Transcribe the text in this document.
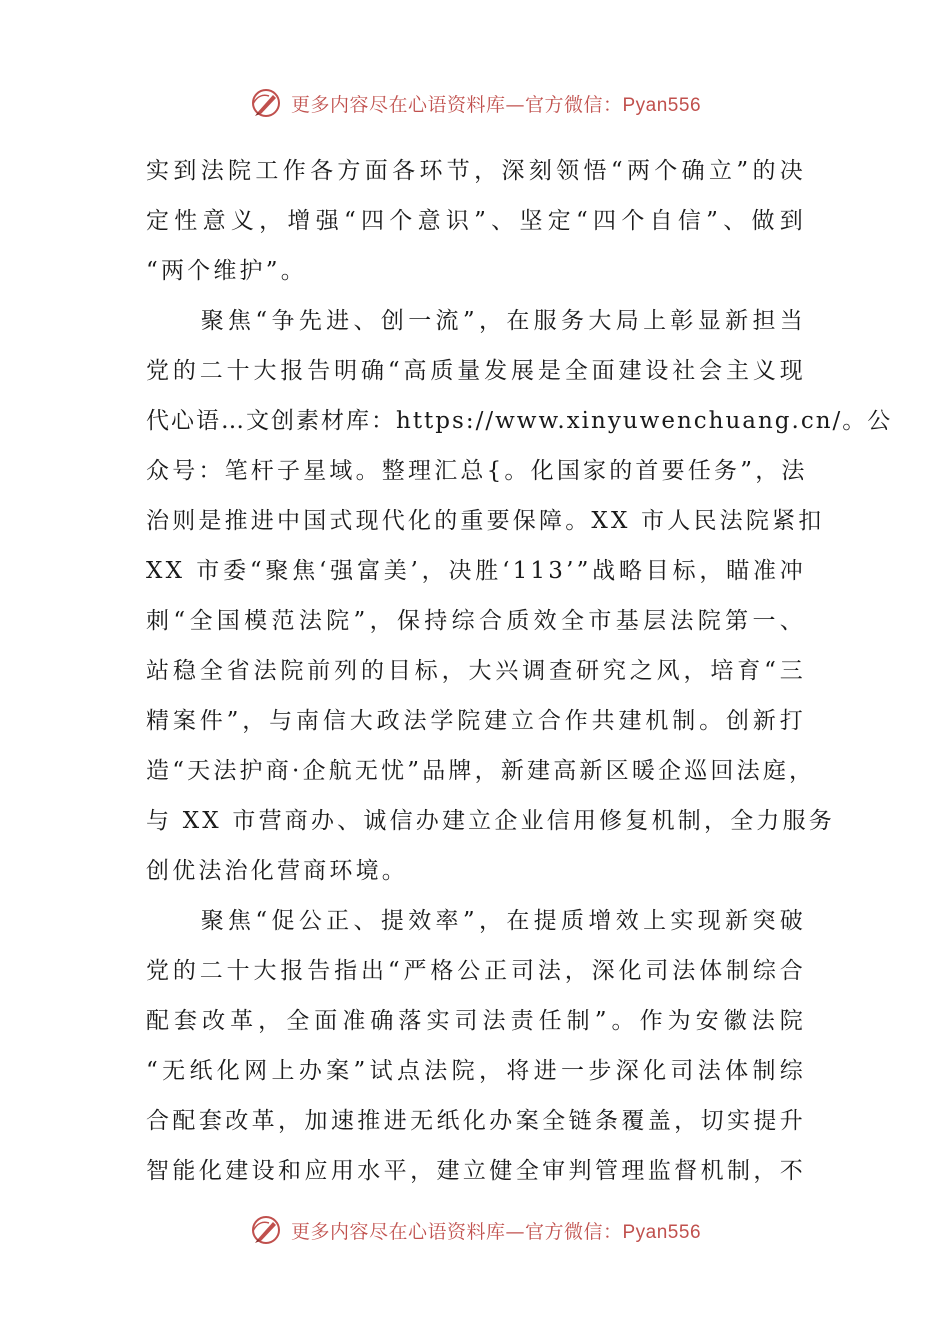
更多内容尽在心语资料库—官方微信：Pyan556
实到法院工作各方面各环节，深刻领悟“两个确立”的决
定性意义，增强“四个意识”、坚定“四个自信”、做到
“两个维护”。
　　聚焦“争先进、创一流”，在服务大局上彰显新担当
党的二十大报告明确“高质量发展是全面建设社会主义现
代心语…文创素材库：https://www.xinyuwenchuang.cn/。公
众号：笔杆子星域。整理汇总{。化国家的首要任务”，法
治则是推进中国式现代化的重要保障。XX 市人民法院紧扣
XX 市委“聚焦‘强富美’，决胜‘113’”战略目标，瞄准冲
刺“全国模范法院”，保持综合质效全市基层法院第一、
站稳全省法院前列的目标，大兴调查研究之风，培育“三
精案件”，与南信大政法学院建立合作共建机制。创新打
造“天法护商·企航无忧”品牌，新建高新区暖企巡回法庭，
与 XX 市营商办、诚信办建立企业信用修复机制，全力服务
创优法治化营商环境。
　　聚焦“促公正、提效率”，在提质增效上实现新突破
党的二十大报告指出“严格公正司法，深化司法体制综合
配套改革，全面准确落实司法责任制”。作为安徽法院
“无纸化网上办案”试点法院，将进一步深化司法体制综
合配套改革，加速推进无纸化办案全链条覆盖，切实提升
智能化建设和应用水平，建立健全审判管理监督机制，不
更多内容尽在心语资料库—官方微信：Pyan556
